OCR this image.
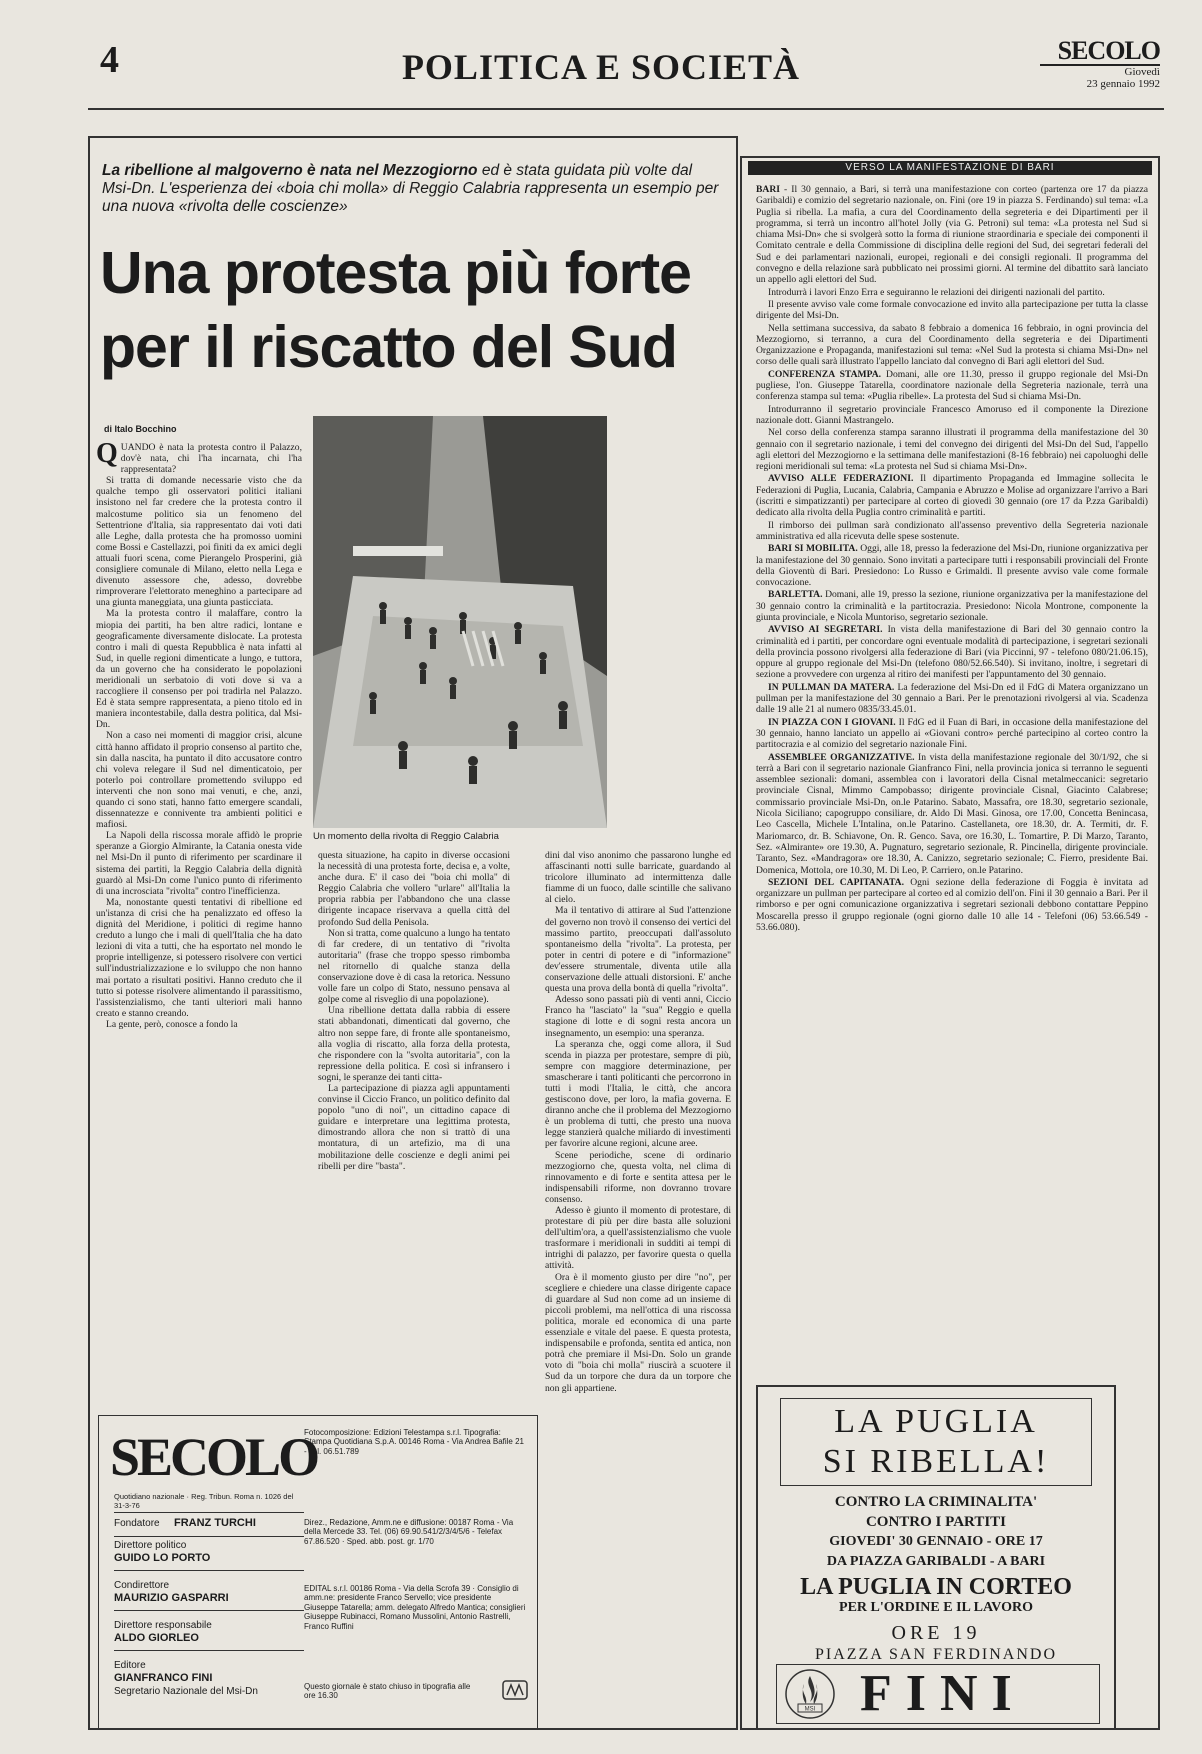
4	POLITICA E SOCIETÀ	SECOLO
Giovedì
23 gennaio 1992
La ribellione al malgoverno è nata nel Mezzogiorno ed è stata guidata più volte dal Msi-Dn. L'esperienza dei «boia chi molla» di Reggio Calabria rappresenta un esempio per una nuova «rivolta delle coscienze»
Una protesta più forte
per il riscatto del Sud
di Italo Bocchino
Un momento della rivolta di Reggio Calabria

QUANDO è nata la protesta contro il Palazzo, dov'è nata, chi l'ha incarnata, chi l'ha rappresentata?

Si tratta di domande necessarie visto che da qualche tempo gli osservatori politici italiani insistono nel far credere che la protesta contro il malcostume politico sia un fenomeno del Settentrione d'Italia, sia rappresentato dai voti dati alle Leghe, dalla protesta che ha promosso uomini come Bossi e Castellazzi, poi finiti da ex amici degli attuali fuori scena, come Pierangelo Prosperini, già consigliere comunale di Milano, eletto nella Lega e divenuto assessore che, adesso, dovrebbe rimproverare l'elettorato meneghino a partecipare ad una giunta maneggiata, una giunta pasticciata.

Ma la protesta contro il malaffare, contro la miopia dei partiti, ha ben altre radici, lontane e geograficamente diversamente dislocate. La protesta contro i mali di questa Repubblica è nata infatti al Sud, in quelle regioni dimenticate a lungo, e tuttora, da un governo che ha considerato le popolazioni meridionali un serbatoio di voti dove si va a raccogliere il consenso per poi tradirla nel Palazzo. Ed è stata sempre rappresentata, a pieno titolo ed in maniera incontestabile, dalla destra politica, dal Msi-Dn.

Non a caso nei momenti di maggior crisi, alcune città hanno affidato il proprio consenso al partito che, sin dalla nascita, ha puntato il dito accusatore contro chi voleva relegare il Sud nel dimenticatoio, per poterlo poi controllare promettendo sviluppo ed interventi che non sono mai venuti, e che, anzi, quando ci sono stati, hanno fatto emergere scandali, dissennatezze e connivente tra ambienti politici e mafiosi.

La Napoli della riscossa morale affidò le proprie speranze a Giorgio Almirante, la Catania onesta vide nel Msi-Dn il punto di riferimento per scardinare il sistema dei partiti, la Reggio Calabria della dignità guardò al Msi-Dn come l'unico punto di riferimento di una incrosciata "rivolta" contro l'inefficienza.

Ma, nonostante questi tentativi di ribellione ed un'istanza di crisi che ha penalizzato ed offeso la dignità del Meridione, i politici di regime hanno creduto a lungo che i mali di quell'Italia che ha dato lezioni di vita a tutti, che ha esportato nel mondo le proprie intelligenze, si potessero risolvere con vertici sull'industrializzazione e lo sviluppo che non hanno mai portato a risultati positivi. Hanno creduto che il tutto si potesse risolvere alimentando il parassitismo, l'assistenzialismo, che tanti ulteriori mali hanno creato e stanno creando.

La gente, però, conosce a fondo la

questa situazione, ha capito in diverse occasioni la necessità di una protesta forte, decisa e, a volte, anche dura. E' il caso dei "boia chi molla" di Reggio Calabria che vollero "urlare" all'Italia la propria rabbia per l'abbandono che una classe dirigente incapace riservava a quella città del profondo Sud della Penisola.

Non si tratta, come qualcuno a lungo ha tentato di far credere, di un tentativo di "rivolta autoritaria" (frase che troppo spesso rimbomba nel ritornello di qualche stanza della conservazione dove è di casa la retorica. Nessuno volle fare un colpo di Stato, nessuno pensava al golpe come al risveglio di una popolazione).

Una ribellione dettata dalla rabbia di essere stati abbandonati, dimenticati dal governo, che altro non seppe fare, di fronte alle spontaneismo, alla voglia di riscatto, alla forza della protesta, che rispondere con la "svolta autoritaria", con la repressione della politica. E così si infransero i sogni, le speranze dei tanti citta-

La partecipazione di piazza agli appuntamenti convinse il Ciccio Franco, un politico definito dal popolo "uno di noi", un cittadino capace di guidare e interpretare una legittima protesta, dimostrando allora che non si trattò di una montatura, di un artefizio, ma di una mobilitazione delle coscienze e degli animi pei ribelli per dire "basta".

dini dal viso anonimo che passarono lunghe ed affascinanti notti sulle barricate, guardando al tricolore illuminato ad intermittenza dalle fiamme di un fuoco, dalle scintille che salivano al cielo.

Ma il tentativo di attirare al Sud l'attenzione del governo non trovò il consenso dei vertici del massimo partito, preoccupati dall'assoluto spontaneismo della "rivolta". La protesta, per poter in centri di potere e di "informazione" dev'essere strumentale, diventa utile alla conservazione delle attuali distorsioni. E' anche questa una prova della bontà di quella "rivolta".

Adesso sono passati più di venti anni, Ciccio Franco ha "lasciato" la "sua" Reggio e quella stagione di lotte e di sogni resta ancora un insegnamento, un esempio: una speranza.

La speranza che, oggi come allora, il Sud scenda in piazza per protestare, sempre di più, sempre con maggiore determinazione, per smascherare i tanti politicanti che percorrono in tutti i modi l'Italia, le città, che ancora gestiscono dove, per loro, la mafia governa. E diranno anche che il problema del Mezzogiorno è un problema di tutti, che presto una nuova legge stanzierà qualche miliardo di investimenti per favorire alcune regioni, alcune aree.

Scene periodiche, scene di ordinario mezzogiorno che, questa volta, nel clima di rinnovamento e di forte e sentita attesa per le indispensabili riforme, non dovranno trovare consenso.

Adesso è giunto il momento di protestare, di protestare di più per dire basta alle soluzioni dell'ultim'ora, a quell'assistenzialismo che vuole trasformare i meridionali in sudditi ai tempi di intrighi di palazzo, per favorire questa o quella attività.

Ora è il momento giusto per dire "no", per scegliere e chiedere una classe dirigente capace di guardare al Sud non come ad un insieme di piccoli problemi, ma nell'ottica di una riscossa politica, morale ed economica di una parte essenziale e vitale del paese. E questa protesta, indispensabile e profonda, sentita ed antica, non potrà che premiare il Msi-Dn. Solo un grande voto di "boia chi molla" riuscirà a scuotere il Sud da un torpore che dura da un torpore che non gli appartiene.

SECOLO
Quotidiano nazionale · Reg. Tribun. Roma n. 1026 del 31-3-76
Fondatore FRANZ TURCHI
Direttore politico
GUIDO LO PORTO
Condirettore
MAURIZIO GASPARRI
Direttore responsabile
ALDO GIORLEO
Editore
GIANFRANCO FINI
Segretario Nazionale del Msi-Dn
Fotocomposizione: Edizioni Telestampa s.r.l. Tipografia: Stampa Quotidiana S.p.A. 00146 Roma - Via Andrea Bafile 21 - Tel. 06.51.789
Direz., Redazione, Amm.ne e diffusione: 00187 Roma - Via della Mercede 33. Tel. (06) 69.90.541/2/3/4/5/6 - Telefax 67.86.520 · Sped. abb. post. gr. 1/70
EDITAL s.r.l. 00186 Roma - Via della Scrofa 39 · Consiglio di amm.ne: presidente Franco Servello; vice presidente Giuseppe Tatarella; amm. delegato Alfredo Mantica; consiglieri Giuseppe Rubinacci, Romano Mussolini, Antonio Rastrelli, Franco Ruffini
Questo giornale è stato chiuso in tipografia alle ore 16.30
VERSO LA MANIFESTAZIONE DI BARI

BARI - Il 30 gennaio, a Bari, si terrà una manifestazione con corteo (partenza ore 17 da piazza Garibaldi) e comizio del segretario nazionale, on. Fini (ore 19 in piazza S. Ferdinando) sul tema: «La Puglia si ribella. La mafia, a cura del Coordinamento della segreteria e dei Dipartimenti per il programma, si terrà un incontro all'hotel Jolly (via G. Petroni) sul tema: «La protesta nel Sud si chiama Msi-Dn» che si svolgerà sotto la forma di riunione straordinaria e speciale dei componenti il Comitato centrale e della Commissione di disciplina delle regioni del Sud, dei segretari federali del Sud e dei parlamentari nazionali, europei, regionali e dei consigli regionali. Il programma del convegno e della relazione sarà pubblicato nei prossimi giorni. Al termine del dibattito sarà lanciato un appello agli elettori del Sud.

Introdurrà i lavori Enzo Erra e seguiranno le relazioni dei dirigenti nazionali del partito.

Il presente avviso vale come formale convocazione ed invito alla partecipazione per tutta la classe dirigente del Msi-Dn.

Nella settimana successiva, da sabato 8 febbraio a domenica 16 febbraio, in ogni provincia del Mezzogiorno, si terranno, a cura del Coordinamento della segreteria e dei Dipartimenti Organizzazione e Propaganda, manifestazioni sul tema: «Nel Sud la protesta si chiama Msi-Dn» nel corso delle quali sarà illustrato l'appello lanciato dal convegno di Bari agli elettori del Sud.

CONFERENZA STAMPA. Domani, alle ore 11.30, presso il gruppo regionale del Msi-Dn pugliese, l'on. Giuseppe Tatarella, coordinatore nazionale della Segreteria nazionale, terrà una conferenza stampa sul tema: «Puglia ribelle». La protesta del Sud si chiama Msi-Dn.

Introdurranno il segretario provinciale Francesco Amoruso ed il componente la Direzione nazionale dott. Gianni Mastrangelo.

Nel corso della conferenza stampa saranno illustrati il programma della manifestazione del 30 gennaio con il segretario nazionale, i temi del convegno dei dirigenti del Msi-Dn del Sud, l'appello agli elettori del Mezzogiorno e la settimana delle manifestazioni (8-16 febbraio) nei capoluoghi delle regioni meridionali sul tema: «La protesta nel Sud si chiama Msi-Dn».

AVVISO ALLE FEDERAZIONI. Il dipartimento Propaganda ed Immagine sollecita le Federazioni di Puglia, Lucania, Calabria, Campania e Abruzzo e Molise ad organizzare l'arrivo a Bari (iscritti e simpatizzanti) per partecipare al corteo di giovedì 30 gennaio (ore 17 da P.zza Garibaldi) dedicato alla rivolta della Puglia contro criminalità e partiti.

Il rimborso dei pullman sarà condizionato all'assenso preventivo della Segreteria nazionale amministrativa ed alla ricevuta delle spese sostenute.

BARI SI MOBILITA. Oggi, alle 18, presso la federazione del Msi-Dn, riunione organizzativa per la manifestazione del 30 gennaio. Sono invitati a partecipare tutti i responsabili provinciali del Fronte della Gioventù di Bari. Presiedono: Lo Russo e Grimaldi. Il presente avviso vale come formale convocazione.

BARLETTA. Domani, alle 19, presso la sezione, riunione organizzativa per la manifestazione del 30 gennaio contro la criminalità e la partitocrazia. Presiedono: Nicola Montrone, componente la giunta provinciale, e Nicola Muntoriso, segretario sezionale.

AVVISO AI SEGRETARI. In vista della manifestazione di Bari del 30 gennaio contro la criminalità ed i partiti, per concordare ogni eventuale modalità di partecipazione, i segretari sezionali della provincia possono rivolgersi alla federazione di Bari (via Piccinni, 97 - telefono 080/21.06.15), oppure al gruppo regionale del Msi-Dn (telefono 080/52.66.540). Si invitano, inoltre, i segretari di sezione a provvedere con urgenza al ritiro dei manifesti per l'appuntamento del 30 gennaio.

IN PULLMAN DA MATERA. La federazione del Msi-Dn ed il FdG di Matera organizzano un pullman per la manifestazione del 30 gennaio a Bari. Per le prenotazioni rivolgersi al via. Scadenza dalle 19 alle 21 al numero 0835/33.45.01.

IN PIAZZA CON I GIOVANI. Il FdG ed il Fuan di Bari, in occasione della manifestazione del 30 gennaio, hanno lanciato un appello ai «Giovani contro» perché partecipino al corteo contro la partitocrazia e al comizio del segretario nazionale Fini.

ASSEMBLEE ORGANIZZATIVE. In vista della manifestazione regionale del 30/1/92, che si terrà a Bari con il segretario nazionale Gianfranco Fini, nella provincia jonica si terranno le seguenti assemblee sezionali: domani, assemblea con i lavoratori della Cisnal metalmeccanici: segretario provinciale Cisnal, Mimmo Campobasso; dirigente provinciale Cisnal, Giacinto Calabrese; commissario provinciale Msi-Dn, on.le Patarino. Sabato, Massafra, ore 18.30, segretario sezionale, Nicola Siciliano; capogruppo consiliare, dr. Aldo Di Masi. Ginosa, ore 17.00, Concetta Benincasa, Leo Cascella, Michele L'Intalina, on.le Patarino. Castellaneta, ore 18.30, dr. A. Termiti, dr. F. Mariomarco, dr. B. Schiavone, On. R. Genco. Sava, ore 16.30, L. Tomartire, P. Di Marzo, Taranto, Sez. «Almirante» ore 19.30, A. Pugnaturo, segretario sezionale, R. Pincinella, dirigente provinciale. Taranto, Sez. «Mandragora» ore 18.30, A. Canizzo, segretario sezionale; C. Fierro, presidente Bai. Domenica, Mottola, ore 10.30, M. Di Leo, P. Carriero, on.le Patarino.

SEZIONI DEL CAPITANATA. Ogni sezione della federazione di Foggia è invitata ad organizzare un pullman per partecipare al corteo ed al comizio dell'on. Fini il 30 gennaio a Bari. Per il rimborso e per ogni comunicazione organizzativa i segretari sezionali debbono contattare Peppino Moscarella presso il gruppo regionale (ogni giorno dalle 10 alle 14 - Telefoni (06) 53.66.549 - 53.66.080).

LA PUGLIA
SI RIBELLA!
CONTRO LA CRIMINALITA'
CONTRO I PARTITI
GIOVEDI' 30 GENNAIO - ORE 17
DA PIAZZA GARIBALDI - A BARI
LA PUGLIA IN CORTEO
PER L'ORDINE E IL LAVORO
ORE 19
PIAZZA SAN FERDINANDO
MSI FINI
